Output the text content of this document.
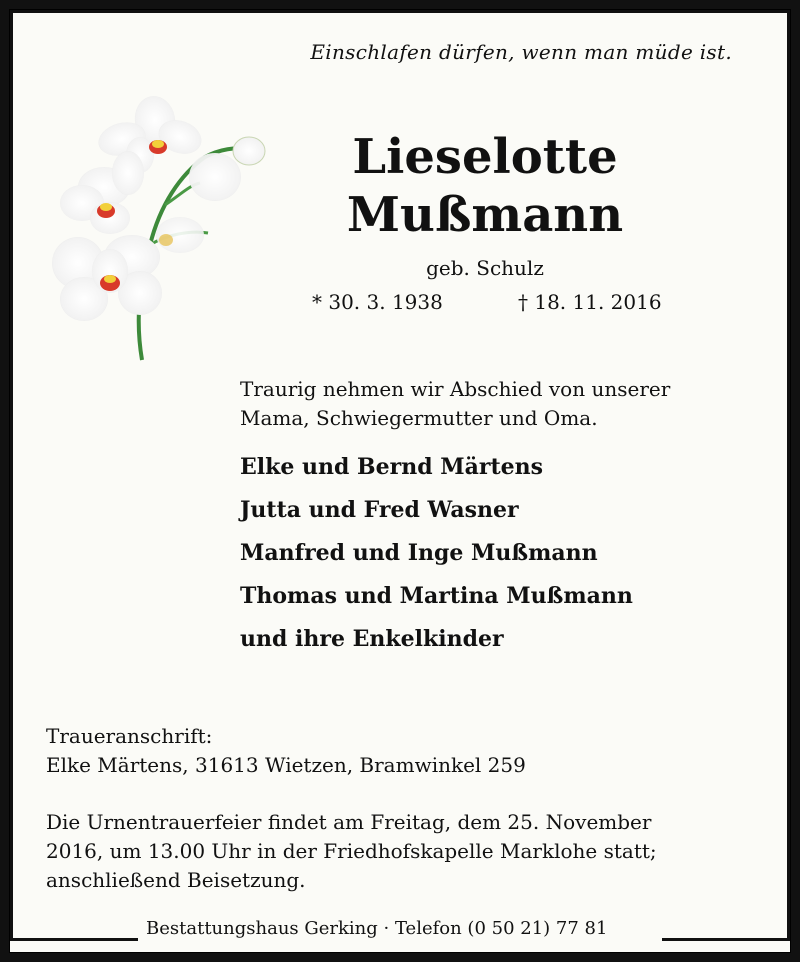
Einschlafen dürfen, wenn man müde ist.
Lieselotte
Mußmann
geb. Schulz
* 30. 3. 1938	† 18. 11. 2016
Traurig nehmen wir Abschied von unserer
Mama, Schwiegermutter und Oma.
Elke und Bernd Märtens
Jutta und Fred Wasner
Manfred und Inge Mußmann
Thomas und Martina Mußmann
und ihre Enkelkinder
Traueranschrift:
Elke Märtens, 31613 Wietzen, Bramwinkel 259
Die Urnentrauerfeier findet am Freitag, dem 25. November
2016, um 13.00 Uhr in der Friedhofskapelle Marklohe statt;
anschließend Beisetzung.
Bestattungshaus Gerking · Telefon (0 50 21) 77 81
